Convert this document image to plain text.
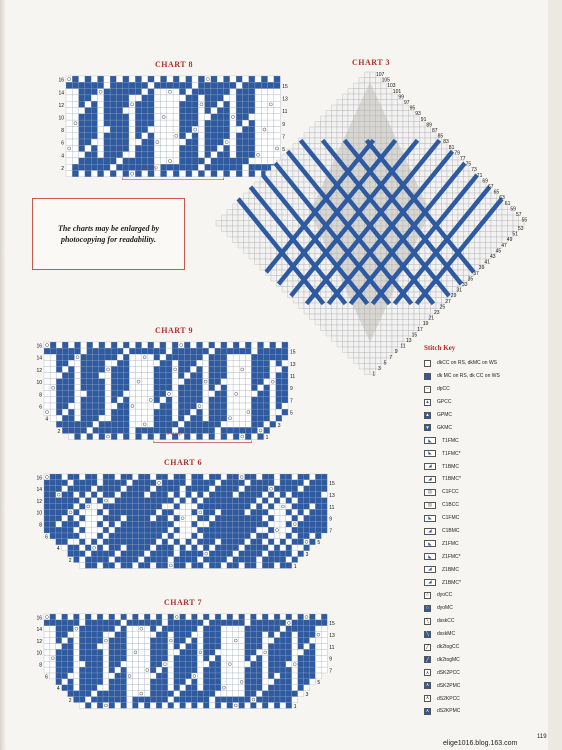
CHART 8
16
14
12
10
8
6
4
2
15
13
11
9
7
5
16-st rep
The charts may be enlarged by photocopying for readability.
CHART 3
107
105
103
101
99
97
95
93
91
89
87
85
83
81
79
77
75
73
71
69
67
65
63
61
59
57
55
53
51
49
47
45
43
41
39
37
35
33
31
29
27
25
23
21
19
17
15
13
11
9
7
5
3
1
CHART 9
16
14
12
10
8
6
4
2
15
13
11
9
7
5
3
1
16-st rep
CHART 6
16
14
12
10
8
6
4
2
15
13
11
9
7
5
3
1
CHART 7
16
14
12
10
8
6
4
2
15
13
11
9
7
5
3
1
Stitch Key
dkCC on RS, dkMC on WS
dk MC on RS, dk CC on WS
–	dpCC
▲ GPCC
▲ GPMC
▼ GKMC
◣	T1FMC
◣	T1FMC*
◢	T1BMC
◢	T1BMC*
▨	C1FCC
▨	C1BCC
◣	C1FMC
◢	C1BMC
◣	Z1FMC
◣	Z1FMC*
◢	Z1BMC
◢	Z1BMC*
○	dyoCC
○	dyoMC
╲	dsskCC
╲	dsskMC
╱	dk2togCC
╱	dk2togMC
∧	dSK2PCC
∧	dSK2PMC
∧	dS2KPCC
∧	dS2KPMC
119
elige1016.blog.163.com
